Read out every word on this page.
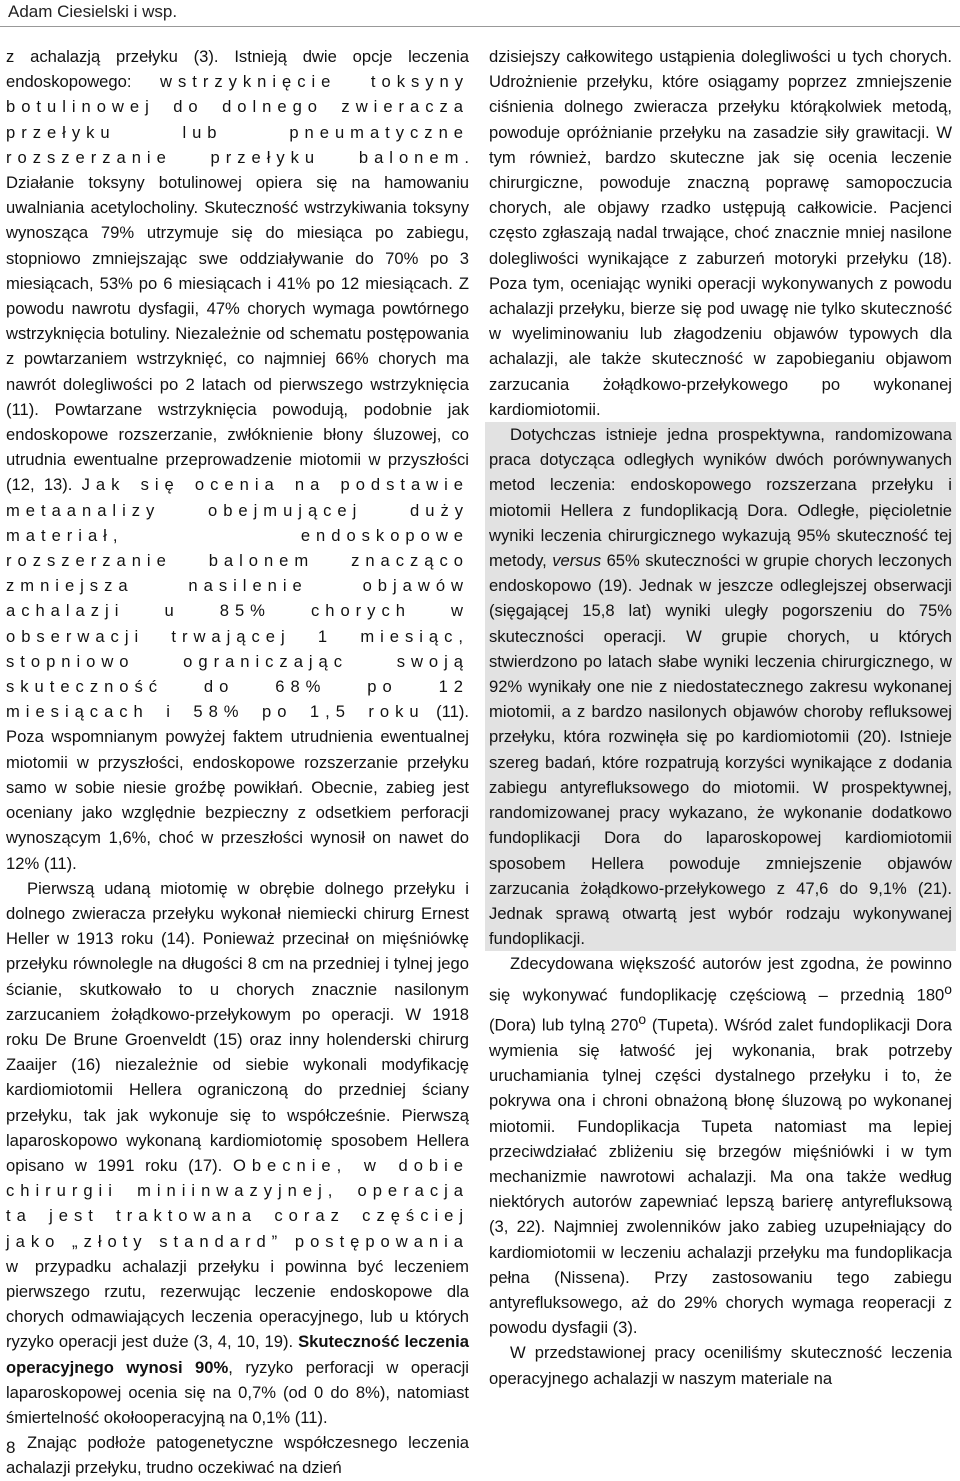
Adam Ciesielski i wsp.

z achalazją przełyku (3). Istnieją dwie opcje leczenia endoskopowego: wstrzyknięcie toksyny botulinowej do dolnego zwieracza przełyku lub pneumatyczne rozszerzanie przełyku balonem. Działanie toksyny botulinowej opiera się na hamowaniu uwalniania acetylocholiny. Skuteczność wstrzykiwania toksyny wynosząca 79% utrzymuje się do miesiąca po zabiegu, stopniowo zmniejszając swe oddziaływanie do 70% po 3 miesiącach, 53% po 6 miesiącach i 41% po 12 miesiącach. Z powodu nawrotu dysfagii, 47% chorych wymaga powtórnego wstrzyknięcia botuliny. Niezależnie od schematu postępowania z powtarzaniem wstrzyknięć, co najmniej 66% chorych ma nawrót dolegliwości po 2 latach od pierwszego wstrzyknięcia (11). Powtarzane wstrzyknięcia powodują, podobnie jak endoskopowe rozszerzanie, zwłóknienie błony śluzowej, co utrudnia ewentualne przeprowadzenie miotomii w przyszłości (12, 13). Jak się ocenia na podstawie metaanalizy obejmującej duży materiał, endoskopowe rozszerzanie balonem znacząco zmniejsza nasilenie objawów achalazji u 85% chorych w obserwacji trwającej 1 miesiąc, stopniowo ograniczając swoją skuteczność do 68% po 12 miesiącach i 58% po 1,5 roku (11). Poza wspomnianym powyżej faktem utrudnienia ewentualnej miotomii w przyszłości, endoskopowe rozszerzanie przełyku samo w sobie niesie groźbę powikłań. Obecnie, zabieg jest oceniany jako względnie bezpieczny z odsetkiem perforacji wynoszącym 1,6%, choć w przeszłości wynosił on nawet do 12% (11).

Pierwszą udaną miotomię w obrębie dolnego przełyku i dolnego zwieracza przełyku wykonał niemiecki chirurg Ernest Heller w 1913 roku (14). Ponieważ przecinał on mięśniówkę przełyku równolegle na długości 8 cm na przedniej i tylnej jego ścianie, skutkowało to u chorych znacznie nasilonym zarzucaniem żołądkowo-przełykowym po operacji. W 1918 roku De Brune Groenveldt (15) oraz inny holenderski chirurg Zaaijer (16) niezależnie od siebie wykonali modyfikację kardiomiotomii Hellera ograniczoną do przedniej ściany przełyku, tak jak wykonuje się to współcześnie. Pierwszą laparoskopowo wykonaną kardiomiotomię sposobem Hellera opisano w 1991 roku (17). Obecnie, w dobie chirurgii miniinwazyjnej, operacja ta jest traktowana coraz częściej jako „złoty standard” postępowania w przypadku achalazji przełyku i powinna być leczeniem pierwszego rzutu, rezerwując leczenie endoskopowe dla chorych odmawiających leczenia operacyjnego, lub u których ryzyko operacji jest duże (3, 4, 10, 19). Skuteczność leczenia operacyjnego wynosi 90%, ryzyko perforacji w operacji laparoskopowej ocenia się na 0,7% (od 0 do 8%), natomiast śmiertelność okołooperacyjną na 0,1% (11).

Znając podłoże patogenetyczne współczesnego leczenia achalazji przełyku, trudno oczekiwać na dzień

dzisiejszy całkowitego ustąpienia dolegliwości u tych chorych. Udrożnienie przełyku, które osiągamy poprzez zmniejszenie ciśnienia dolnego zwieracza przełyku którąkolwiek metodą, powoduje opróżnianie przełyku na zasadzie siły grawitacji. W tym również, bardzo skuteczne jak się ocenia leczenie chirurgiczne, powoduje znaczną poprawę samopoczucia chorych, ale objawy rzadko ustępują całkowicie. Pacjenci często zgłaszają nadal trwające, choć znacznie mniej nasilone dolegliwości wynikające z zaburzeń motoryki przełyku (18). Poza tym, oceniając wyniki operacji wykonywanych z powodu achalazji przełyku, bierze się pod uwagę nie tylko skuteczność w wyeliminowaniu lub złagodzeniu objawów typowych dla achalazji, ale także skuteczność w zapobieganiu objawom zarzucania żołądkowo-przełykowego po wykonanej kardiomiotomii.

Dotychczas istnieje jedna prospektywna, randomizowana praca dotycząca odległych wyników dwóch porównywanych metod leczenia: endoskopowego rozszerzana przełyku i miotomii Hellera z fundoplikacją Dora. Odległe, pięcioletnie wyniki leczenia chirurgicznego wykazują 95% skuteczność tej metody, versus 65% skuteczności w grupie chorych leczonych endoskopowo (19). Jednak w jeszcze odleglejszej obserwacji (sięgającej 15,8 lat) wyniki uległy pogorszeniu do 75% skuteczności operacji. W grupie chorych, u których stwierdzono po latach słabe wyniki leczenia chirurgicznego, w 92% wynikały one nie z niedostatecznego zakresu wykonanej miotomii, a z bardzo nasilonych objawów choroby refluksowej przełyku, która rozwinęła się po kardiomiotomii (20). Istnieje szereg badań, które rozpatrują korzyści wynikające z dodania zabiegu antyrefluksowego do miotomii. W prospektywnej, randomizowanej pracy wykazano, że wykonanie dodatkowo fundoplikacji Dora do laparoskopowej kardiomiotomii sposobem Hellera powoduje zmniejszenie objawów zarzucania żołądkowo-przełykowego z 47,6 do 9,1% (21). Jednak sprawą otwartą jest wybór rodzaju wykonywanej fundoplikacji.

Zdecydowana większość autorów jest zgodna, że powinno się wykonywać fundoplikację częściową – przednią 180$^o$ (Dora) lub tylną 270$^o$ (Tupeta). Wśród zalet fundoplikacji Dora wymienia się łatwość jej wykonania, brak potrzeby uruchamiania tylnej części dystalnego przełyku i to, że pokrywa ona i chroni obnażoną błonę śluzową po wykonanej miotomii. Fundoplikacja Tupeta natomiast ma lepiej przeciwdziałać zbliżeniu się brzegów mięśniówki i w tym mechanizmie nawrotowi achalazji. Ma ona także według niektórych autorów zapewniać lepszą barierę antyrefluksową (3, 22). Najmniej zwolenników jako zabieg uzupełniający do kardiomiotomii w leczeniu achalazji przełyku ma fundoplikacja pełna (Nissena). Przy zastosowaniu tego zabiegu antyrefluksowego, aż do 29% chorych wymaga reoperacji z powodu dysfagii (3).

W przedstawionej pracy oceniliśmy skuteczność leczenia operacyjnego achalazji w naszym materiale na

8
